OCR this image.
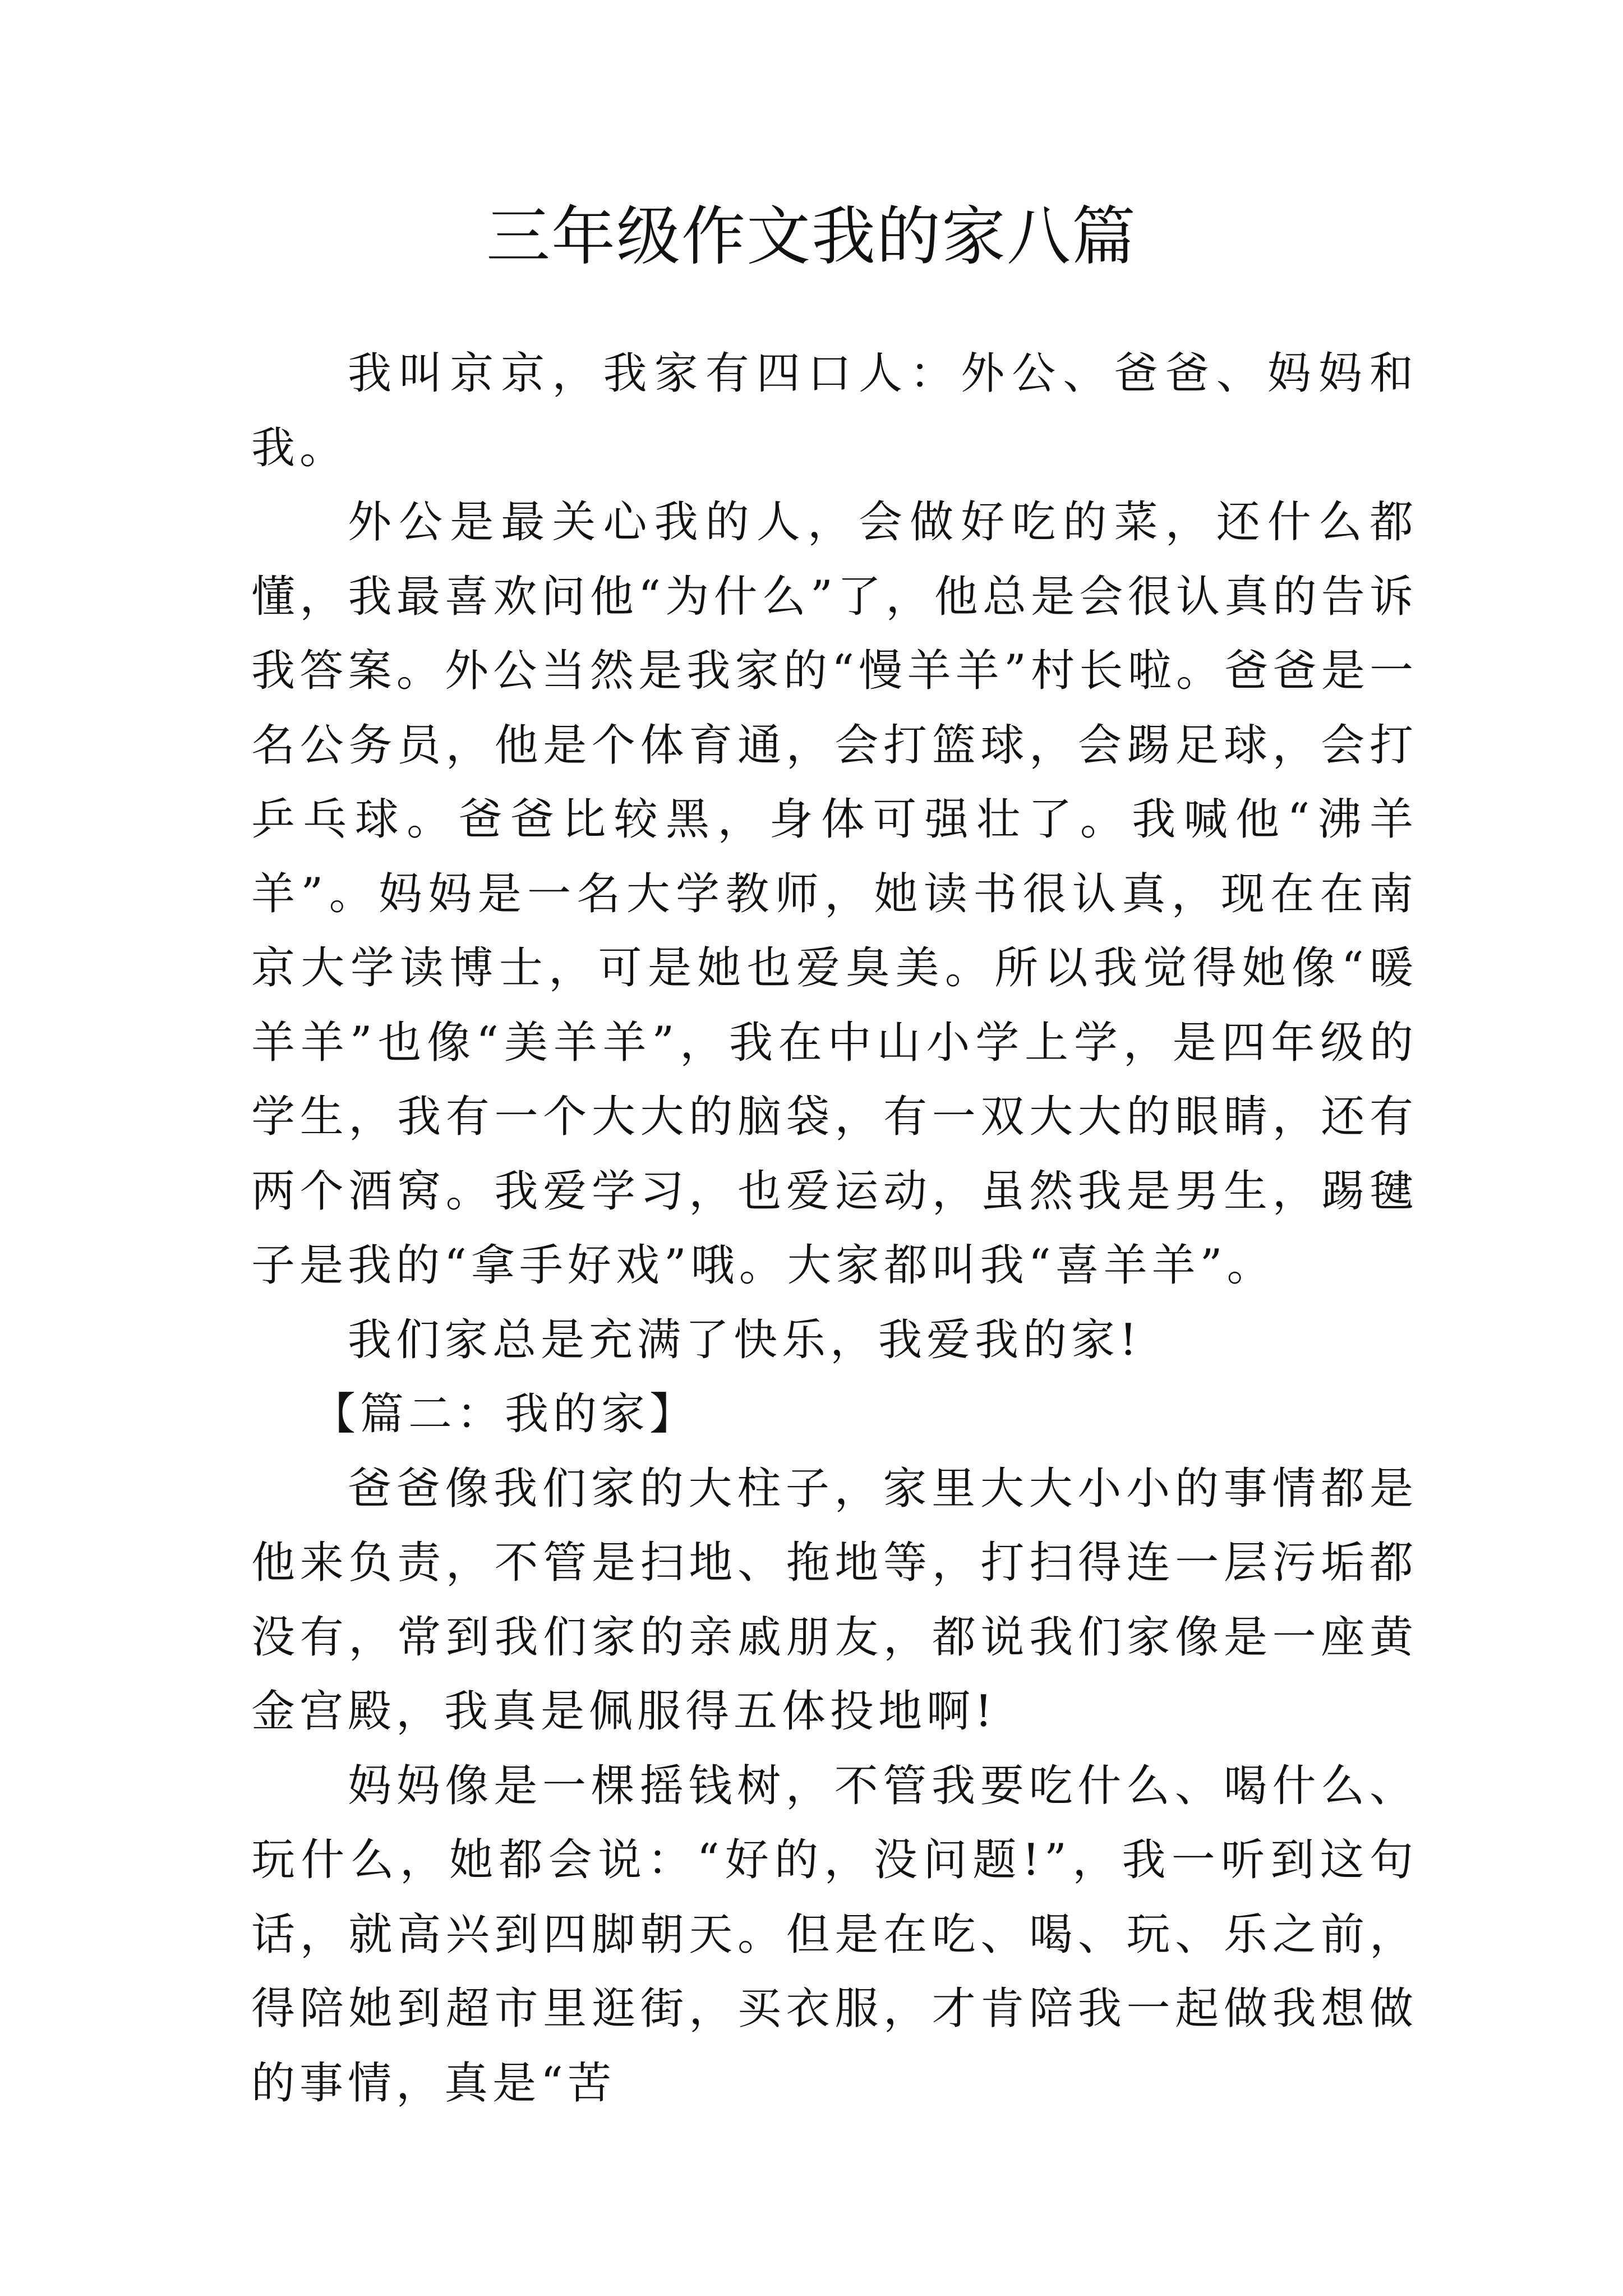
三年级作文我的家八篇

我叫京京，我家有四口人：外公、爸爸、妈妈和我。

外公是最关心我的人，会做好吃的菜，还什么都懂，我最喜欢问他“为什么”了，他总是会很认真的告诉我答案。外公当然是我家的“慢羊羊”村长啦。爸爸是一名公务员，他是个体育通，会打篮球，会踢足球，会打乒乓球。爸爸比较黑，身体可强壮了。我喊他“沸羊羊”。妈妈是一名大学教师，她读书很认真，现在在南京大学读博士，可是她也爱臭美。所以我觉得她像“暖羊羊”也像“美羊羊”，我在中山小学上学，是四年级的学生，我有一个大大的脑袋，有一双大大的眼睛，还有两个酒窝。我爱学习，也爱运动，虽然我是男生，踢毽子是我的“拿手好戏”哦。大家都叫我“喜羊羊”。

我们家总是充满了快乐，我爱我的家!

【篇二：我的家】

爸爸像我们家的大柱子，家里大大小小的事情都是他来负责，不管是扫地、拖地等，打扫得连一层污垢都没有，常到我们家的亲戚朋友，都说我们家像是一座黄金宫殿，我真是佩服得五体投地啊!

妈妈像是一棵摇钱树，不管我要吃什么、喝什么、玩什么，她都会说：“好的，没问题!”，我一听到这句话，就高兴到四脚朝天。但是在吃、喝、玩、乐之前，得陪她到超市里逛街，买衣服，才肯陪我一起做我想做的事情，真是“苦
